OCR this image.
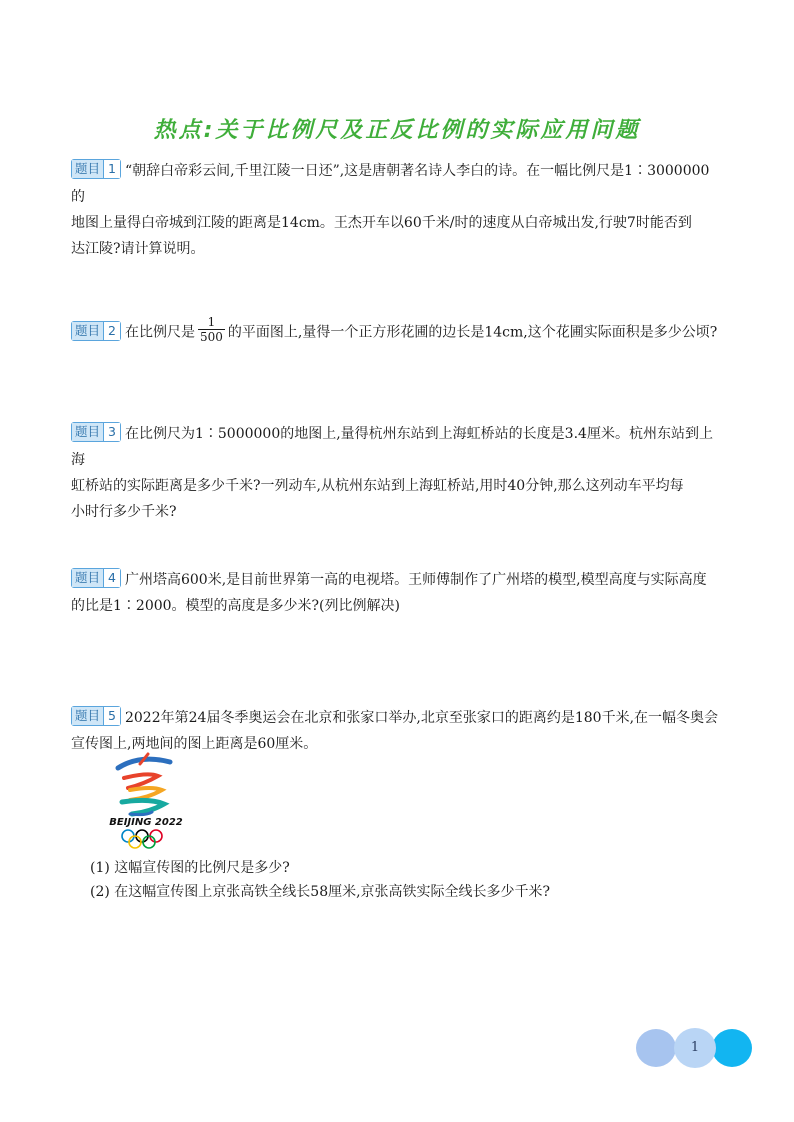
热点:关于比例尺及正反比例的实际应用问题
题目 1 “朝辞白帝彩云间,千里江陵一日还”,这是唐朝著名诗人李白的诗。在一幅比例尺是1∶3000000的
地图上量得白帝城到江陵的距离是14cm。王杰开车以60千米/时的速度从白帝城出发,行驶7时能否到
达江陵?请计算说明。
题目 2 在比例尺是 $\frac{1}{500}$ 的平面图上,量得一个正方形花圃的边长是14cm,这个花圃实际面积是多少公顷?
题目 3 在比例尺为1∶5000000的地图上,量得杭州东站到上海虹桥站的长度是3.4厘米。杭州东站到上海
虹桥站的实际距离是多少千米?一列动车,从杭州东站到上海虹桥站,用时40分钟,那么这列动车平均每
小时行多少千米?
题目 4 广州塔高600米,是目前世界第一高的电视塔。王师傅制作了广州塔的模型,模型高度与实际高度
的比是1∶2000。模型的高度是多少米?(列比例解决)
题目 5 2022年第24届冬季奥运会在北京和张家口举办,北京至张家口的距离约是180千米,在一幅冬奥会
宣传图上,两地间的图上距离是60厘米。
BEIJING 2022
(1) 这幅宣传图的比例尺是多少?
(2) 在这幅宣传图上京张高铁全线长58厘米,京张高铁实际全线长多少千米?
1
